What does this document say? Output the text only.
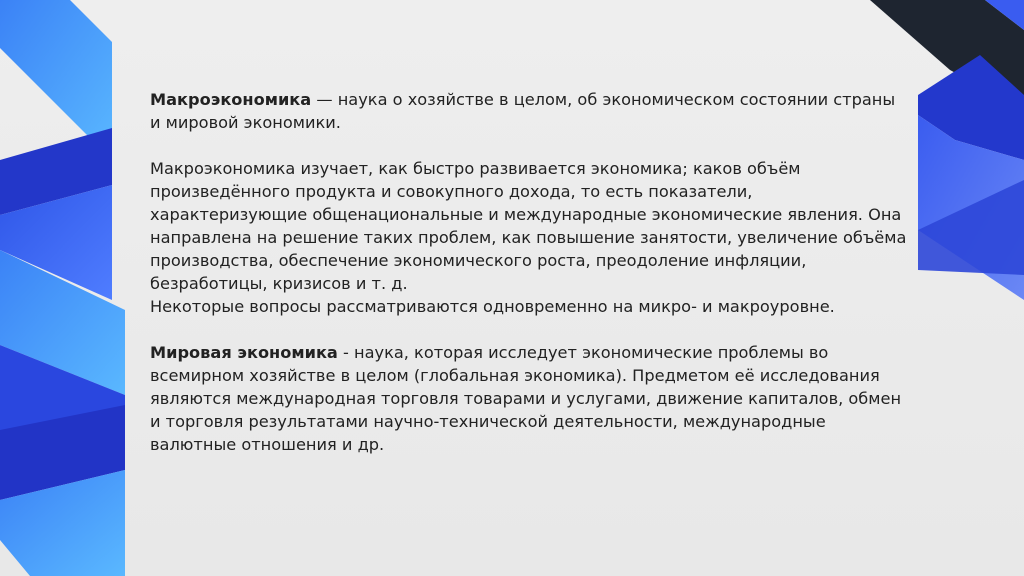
Макроэкономика — наука о хозяйстве в целом, об экономическом состоянии страны и мировой экономики.

Макроэкономика изучает, как быстро развивается экономика; каков объём произведённого продукта и совокупного дохода, то есть показатели, характеризующие общенациональные и международные экономические явления. Она направлена на решение таких проблем, как повышение занятости, увеличение объёма производства, обеспечение экономического роста, преодоление инфляции, безработицы, кризисов и т. д.

Некоторые вопросы рассматриваются одновременно на микро- и макроуровне.

Мировая экономика - наука, которая исследует экономические проблемы во всемирном хозяйстве в целом (глобальная экономика). Предметом её исследования являются международная торговля товарами и услугами, движение капиталов, обмен и торговля результатами научно-технической деятельности, международные валютные отношения и др.
